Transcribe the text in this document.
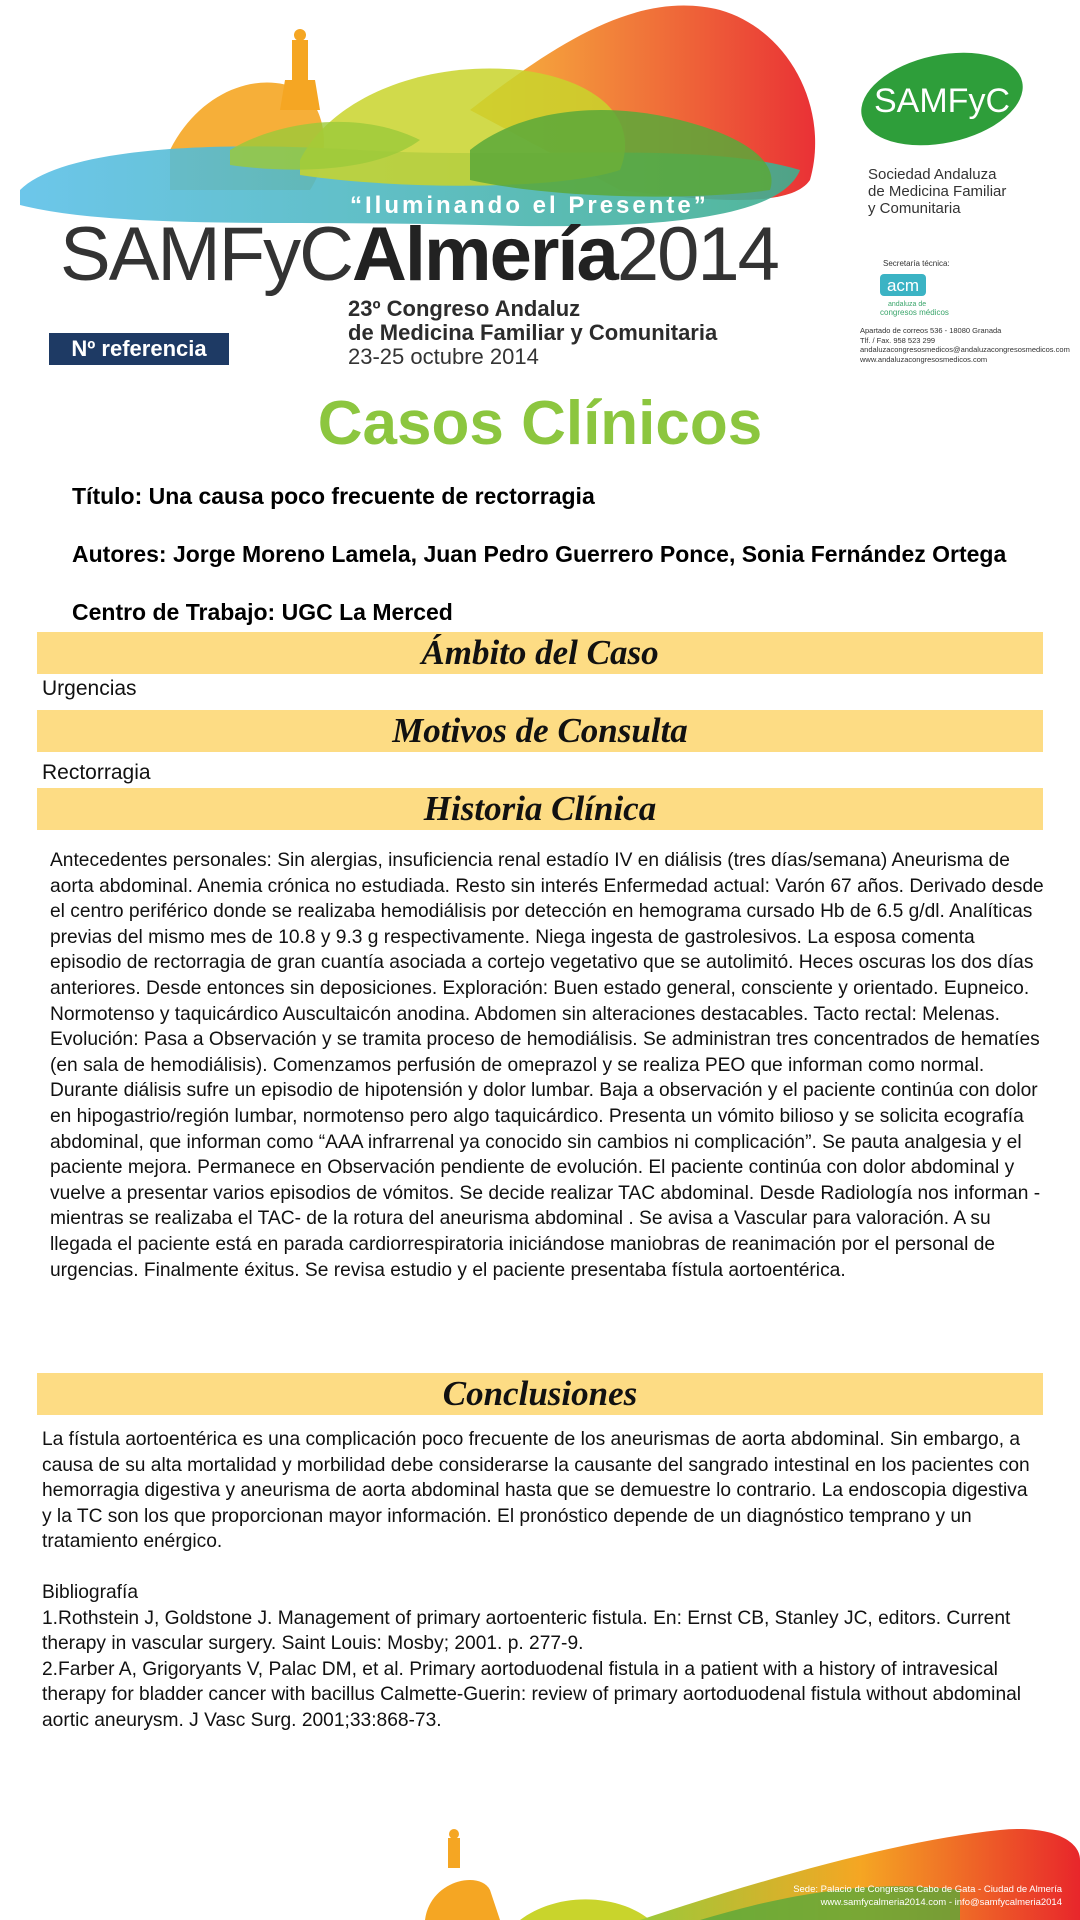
“Iluminando el Presente”
SAMFyCAlmería2014
23º Congreso Andaluz
de Medicina Familiar y Comunitaria
23-25 octubre 2014
Nº referencia
SAMFyC
Sociedad Andaluza
de Medicina Familiar
y Comunitaria
Secretaría técnica:
acm
andaluza de
congresos médicos
Apartado de correos 536 - 18080 Granada
Tlf. / Fax. 958 523 299
andaluzacongresosmedicos@andaluzacongresosmedicos.com
www.andaluzacongresosmedicos.com
Casos Clínicos
Título: Una causa poco frecuente de rectorragia
Autores: Jorge Moreno Lamela, Juan Pedro Guerrero Ponce, Sonia Fernández Ortega
Centro de Trabajo: UGC La Merced
Ámbito del Caso
Urgencias
Motivos de Consulta
Rectorragia
Historia Clínica

Antecedentes personales: Sin alergias, insuficiencia renal estadío IV en diálisis (tres días/semana) Aneurisma de aorta abdominal. Anemia crónica no estudiada. Resto sin interés Enfermedad actual: Varón 67 años. Derivado desde el centro periférico donde se realizaba hemodiálisis por detección en hemograma cursado Hb de 6.5 g/dl. Analíticas previas del mismo mes de 10.8 y 9.3 g respectivamente. Niega ingesta de gastrolesivos. La esposa comenta episodio de rectorragia de gran cuantía asociada a cortejo vegetativo que se autolimitó. Heces oscuras los dos días anteriores. Desde entonces sin deposiciones. Exploración: Buen estado general, consciente y orientado. Eupneico. Normotenso y taquicárdico Auscultaicón anodina. Abdomen sin alteraciones destacables. Tacto rectal: Melenas. Evolución: Pasa a Observación y se tramita proceso de hemodiálisis. Se administran tres concentrados de hematíes (en sala de hemodiálisis). Comenzamos perfusión de omeprazol y se realiza PEO que informan como normal. Durante diálisis sufre un episodio de hipotensión y dolor lumbar. Baja a observación y el paciente continúa con dolor en hipogastrio/región lumbar, normotenso pero algo taquicárdico. Presenta un vómito bilioso y se solicita ecografía abdominal, que informan como “AAA infrarrenal ya conocido sin cambios ni complicación”. Se pauta analgesia y el paciente mejora. Permanece en Observación pendiente de evolución. El paciente continúa con dolor abdominal y vuelve a presentar varios episodios de vómitos. Se decide realizar TAC abdominal. Desde Radiología nos informan -mientras se realizaba el TAC- de la rotura del aneurisma abdominal . Se avisa a Vascular para valoración. A su llegada el paciente está en parada cardiorrespiratoria iniciándose maniobras de reanimación por el personal de urgencias. Finalmente éxitus. Se revisa estudio y el paciente presentaba fístula aortoentérica.

Conclusiones

La fístula aortoentérica es una complicación poco frecuente de los aneurismas de aorta abdominal. Sin embargo, a causa de su alta mortalidad y morbilidad debe considerarse la causante del sangrado intestinal en los pacientes con hemorragia digestiva y aneurisma de aorta abdominal hasta que se demuestre lo contrario. La endoscopia digestiva y la TC son los que proporcionan mayor información. El pronóstico depende de un diagnóstico temprano y un tratamiento enérgico.

Bibliografía

1.Rothstein J, Goldstone J. Management of primary aortoenteric fistula. En: Ernst CB, Stanley JC, editors. Current therapy in vascular surgery. Saint Louis: Mosby; 2001. p. 277-9.

2.Farber A, Grigoryants V, Palac DM, et al. Primary aortoduodenal fistula in a patient with a history of intravesical therapy for bladder cancer with bacillus Calmette-Guerin: review of primary aortoduodenal fistula without abdominal aortic aneurysm. J Vasc Surg. 2001;33:868-73.

Sede: Palacio de Congresos Cabo de Gata - Ciudad de Almería
www.samfycalmeria2014.com - info@samfycalmeria2014
